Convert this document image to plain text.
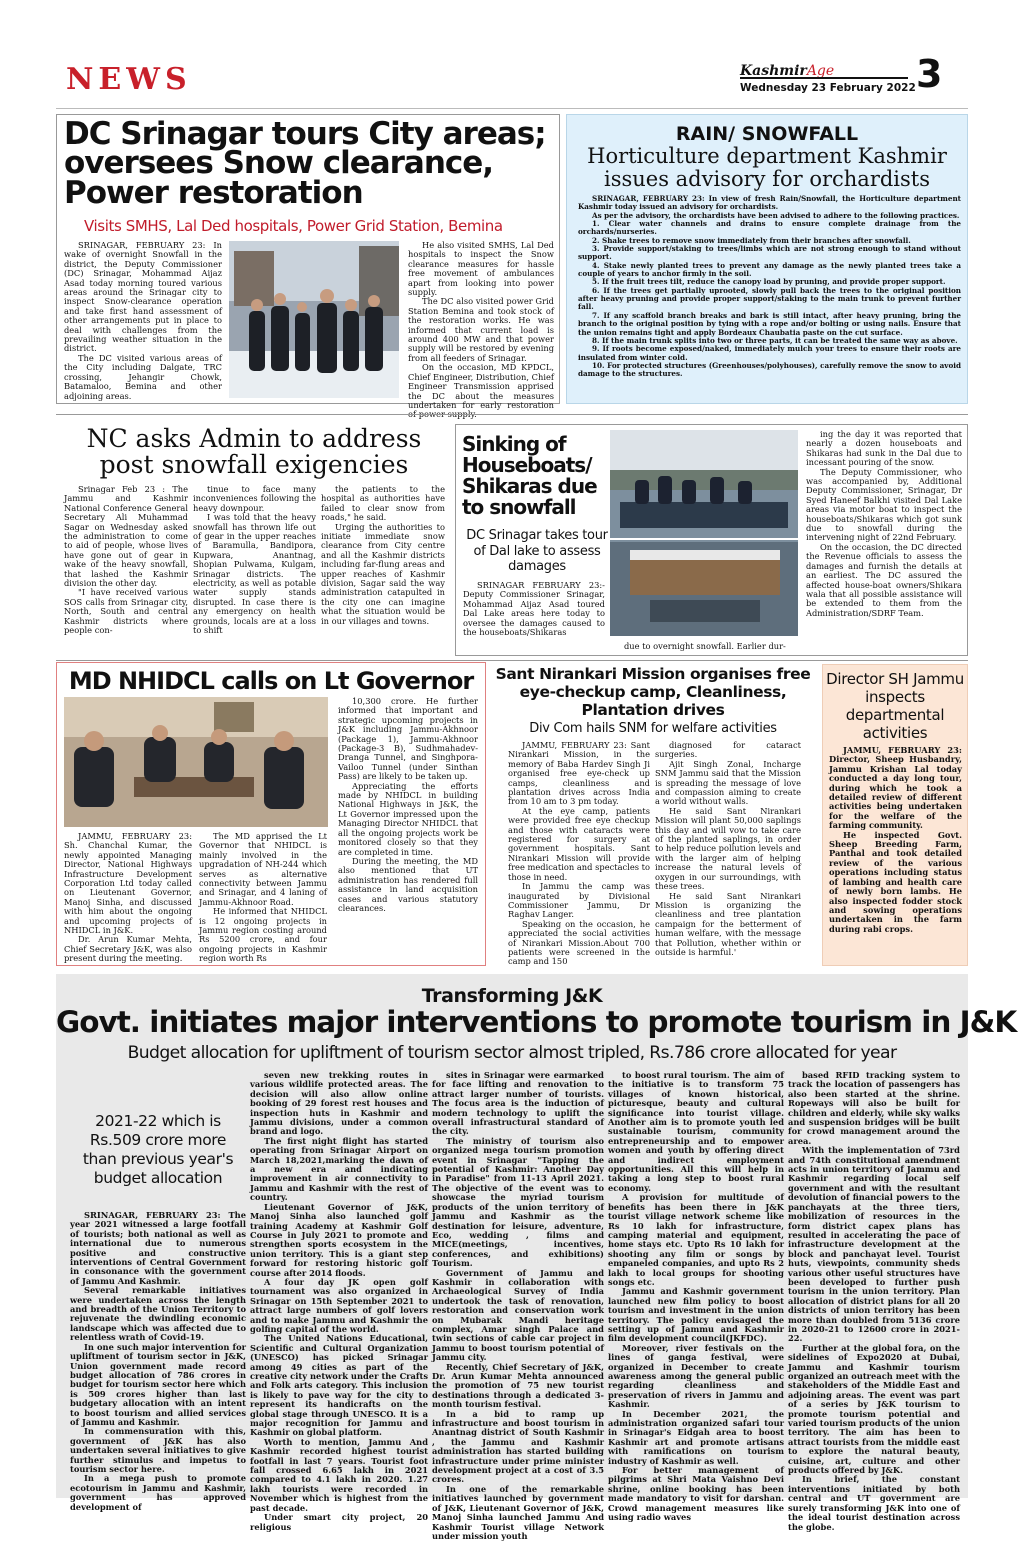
NEWS	KashmirAge
Wednesday 23 February 2022 3
DC Srinagar tours City areas; oversees Snow clearance, Power restoration
Visits SMHS, Lal Ded hospitals, Power Grid Station, Bemina

SRINAGAR, FEBRUARY 23: In wake of overnight Snowfall in the district, the Deputy Commissioner (DC) Srinagar, Mohammad Aijaz Asad today morning toured various areas around the Srinagar city to inspect Snow-clearance operation and take first hand assessment of other arrangements put in place to deal with challenges from the prevailing weather situation in the district.

The DC visited various areas of the City including Dalgate, TRC crossing, Jehangir Chowk, Batamaloo, Bemina and other adjoining areas.

He also visited SMHS, Lal Ded hospitals to inspect the Snow clearance measures for hassle free movement of ambulances apart from looking into power supply.

The DC also visited power Grid Station Bemina and took stock of the restoration works. He was informed that current load is around 400 MW and that power supply will be restored by evening from all feeders of Srinagar.

On the occasion, MD KPDCL, Chief Engineer, Distribution, Chief Engineer Transmission apprised the DC about the measures undertaken for early restoration

RAIN/ SNOWFALL
Horticulture department Kashmir issues advisory for orchardists

SRINAGAR, FEBRUARY 23: In view of fresh Rain/Snowfall, the Horticulture department Kashmir today issued an advisory for orchardists.

As per the advisory, the orchardists have been advised to adhere to the following practices.

1. Clear water channels and drains to ensure complete drainage from the orchards/nurseries.

2. Shake trees to remove snow immediately from their branches after snowfall.

3. Provide support/staking to trees/limbs which are not strong enough to stand without support.

4. Stake newly planted trees to prevent any damage as the newly planted trees take a couple of years to anchor firmly in the soil.

5. If the fruit trees tilt, reduce the canopy load by pruning, and provide proper support.

6. If the trees get partially uprooted, slowly pull back the trees to the original position after heavy pruning and provide proper support/staking to the main trunk to prevent further fall.

7. If any scaffold branch breaks and bark is still intact, after heavy pruning, bring the branch to the original position by tying with a rope and/or bolting or using nails. Ensure that the union remains tight and apply Bordeaux Chaubatia paste on the cut surface.

8. If the main trunk splits into two or three parts, it can be treated the same way as above.

9. If roots become exposed/naked, immediately mulch your trees to ensure their roots are insulated from winter cold.

10. For protected structures (Greenhouses/polyhouses), carefully remove the snow to avoid damage to the structures.

NC asks Admin to address post snowfall exigencies

Srinagar Feb 23 : The Jammu and Kashmir National Conference General Secretary Ali Muhammad Sagar on Wednesday asked the administration to come to aid of people, whose lives have gone out of gear in wake of the heavy snowfall, that lashed the Kashmir division the other day.

"I have received various SOS calls from Srinagar city, North, South and central Kashmir districts where people con-

tinue to face many inconveniences following the heavy downpour.

I was told that the heavy snowfall has thrown life out of gear in the upper reaches of Baramulla, Bandipora, Kupwara, Anantnag, Shopian Pulwama, Kulgam, Srinagar districts. The electricity, as well as potable water supply stands disrupted. In case there is any emergency on health grounds, locals are at a loss to shift

the patients to the hospital as authorities have failed to clear snow from roads," he said.

Urging the authorities to initiate immediate snow clearance from City centre and all the Kashmir districts including far-flung areas and upper reaches of Kashmir division, Sagar said the way administration catapulted in the city one can imagine what the situation would be in our villages and towns.

Sinking of Houseboats/ Shikaras due to snowfall
DC Srinagar takes tour of Dal lake to assess damages

SRINAGAR FEBRUARY 23:- Deputy Commissioner Srinagar, Mohammad Aijaz Asad toured Dal Lake areas here today to oversee the damages caused to the houseboats/Shikaras

due to overnight snowfall. Earlier dur-

ing the day it was reported that nearly a dozen houseboats and Shikaras had sunk in the Dal due to incessant pouring of the snow.

The Deputy Commissioner, who was accompanied by, Additional Deputy Commissioner, Srinagar, Dr Syed Haneef Balkhi visited Dal Lake areas via motor boat to inspect the houseboats/Shikaras which got sunk due to snowfall during the intervening night of 22nd February.

On the occasion, the DC directed the Revenue officials to assess the damages and furnish the details at an earliest. The DC assured the affected house-boat owners/Shikara wala that all possible assistance will be extended to them from the Administration/SDRF Team.

MD NHIDCL calls on Lt Governor

JAMMU, FEBRUARY 23: Sh. Chanchal Kumar, the newly appointed Managing Director, National Highways Infrastructure Development Corporation Ltd today called on Lieutenant Governor, Manoj Sinha, and discussed with him about the ongoing and upcoming projects of NHIDCL in J&K.

Dr. Arun Kumar Mehta, Chief Secretary J&K, was also present during the meeting.

The MD apprised the Lt Governor that NHIDCL is mainly involved in the upgradation of NH-244 which serves as alternative connectivity between Jammu and Srinagar, and 4 laning of Jammu-Akhnoor Road.

He informed that NHIDCL is 12 ongoing projects in Jammu region costing around Rs 5200 crore, and four ongoing projects in Kashmir region worth Rs

10,300 crore. He further informed that important and strategic upcoming projects in J&K including Jammu-Akhnoor (Package 1), Jammu-Akhnoor (Package-3 B), Sudhmahadev-Dranga Tunnel, and Singhpora-Vailoo Tunnel (under Sinthan Pass) are likely to be taken up.

Appreciating the efforts made by NHIDCL in building National Highways in J&K, the Lt Governor impressed upon the Managing Director NHIDCL that all the ongoing projects work be monitored closely so that they are completed in time.

During the meeting, the MD also mentioned that UT administration has rendered full assistance in land acquisition cases and various statutory clearances.

Sant Nirankari Mission organises free eye-checkup camp, Cleanliness, Plantation drives
Div Com hails SNM for welfare activities

JAMMU, FEBRUARY 23: Sant Nirankari Mission, in the memory of Baba Hardev Singh Ji organised free eye-check up camps, cleanliness and plantation drives across India from 10 am to 3 pm today.

At the eye camp, patients were provided free eye checkup and those with cataracts were registered for surgery at government hospitals. Sant Nirankari Mission will provide free medication and spectacles to those in need.

In Jammu the camp was inaugurated by Divisional Commissioner Jammu, Dr Raghav Langer.

Speaking on the occasion, he appreciated the social activities of Nirankari Mission.About 700 patients were screened in the camp and 150

diagnosed for cataract surgeries.

Ajit Singh Zonal, Incharge SNM Jammu said that the Mission is spreading the message of love and compassion aiming to create a world without walls.

He said Sant Nirankari Mission will plant 50,000 saplings this day and will vow to take care of the planted saplings, in order to help reduce pollution levels and with the larger aim of helping increase the natural levels of oxygen in our surroundings, with these trees.

He said Sant Nirankari Mission is organizing the cleanliness and tree plantation campaign for the betterment of human welfare, with the message that Pollution, whether within or outside is harmful.'

Director SH Jammu inspects departmental activities

JAMMU, FEBRUARY 23: Director, Sheep Husbandry, Jammu Krishan Lal today conducted a day long tour, during which he took a detailed review of different activities being undertaken for the welfare of the farming community.

He inspected Govt. Sheep Breeding Farm, Panthal and took detailed review of the various operations including status of lambing and health care of newly born lambs. He also inspected fodder stock and sowing operations undertaken in the farm during rabi crops.

Transforming J&K
Govt. initiates major interventions to promote tourism in J&K
Budget allocation for upliftment of tourism sector almost tripled, Rs.786 crore allocated for year
2021-22 which is Rs.509 crore more than previous year's budget allocation

SRINAGAR, FEBRUARY 23: The year 2021 witnessed a large footfall of tourists; both national as well as international due to numerous positive and constructive interventions of Central Government in consonance with the government of Jammu And Kashmir.

Several remarkable initiatives were undertaken across the length and breadth of the Union Territory to rejuvenate the dwindling economic landscape which was affected due to relentless wrath of Covid-19.

In one such major intervention for upliftment of tourism sector in J&K, Union government made record budget allocation of 786 crores in budget for tourism sector here which is 509 crores higher than last budgetary allocation with an intent to boost tourism and allied services of Jammu and Kashmir.

In commensuration with this, government of J&K has also undertaken several initiatives to give further stimulus and impetus to tourism sector here.

In a mega push to promote ecotourism in Jammu and Kashmir, government has approved development of

seven new trekking routes in various wildlife protected areas. The decision will also allow online booking of 29 forest rest houses and inspection huts in Kashmir and Jammu divisions, under a common brand and logo.

The first night flight has started operating from Srinagar Airport on March 18,2021,marking the dawn of a new era and indicating improvement in air connectivity to Jammu and Kashmir with the rest of country.

Lieutenant Governor of J&K, Manoj Sinha also launched golf training Academy at Kashmir Golf Course in July 2021 to promote and strengthen sports ecosystem in the union territory. This is a giant step forward for restoring historic golf course after 2014 floods.

A four day JK open golf tournament was also organized in Srinagar on 15th September 2021 to attract large numbers of golf lovers and to make Jammu and Kashmir the golfing capital of the world.

The United Nations Educational, Scientific and Cultural Organization (UNESCO) has picked Srinagar among 49 cities as part of the creative city network under the Crafts and Folk arts category. This inclusion is likely to pave way for the city to represent its handicrafts on the global stage through UNESCO. It is a major recognition for Jammu and Kashmir on global platform.

Worth to mention, Jammu And Kashmir recorded highest tourist footfall in last 7 years. Tourist foot fall crossed 6.65 lakh in 2021 compared to 4.1 lakh in 2020. 1.27 lakh tourists were recorded in November which is highest from the past decade.

Under smart city project, 20 religious

sites in Srinagar were earmarked for face lifting and renovation to attract larger number of tourists. The focus area is the induction of modern technology to uplift the overall infrastructural standard of the city.

The ministry of tourism also organized mega tourism promotion event in Srinagar "Tapping the potential of Kashmir: Another Day in Paradise" from 11-13 April 2021. The objective of the event was to showcase the myriad tourism products of the union territory of Jammu and Kashmir as the destination for leisure, adventure, Eco, wedding , films and MICE(meetings, incentives, conferences, and exhibitions) Tourism.

Government of Jammu and Kashmir in collaboration with Archaeological Survey of India undertook the task of renovation, restoration and conservation work on Mubarak Mandi heritage complex, Amar singh Palace and twin sections of cable car project in Jammu to boost tourism potential of Jammu city.

Recently, Chief Secretary of J&K, Dr. Arun Kumar Mehta announced the promotion of 75 new tourist destinations through a dedicated 3-month tourism festival.

In a bid to ramp up infrastructure and boost tourism in Anantnag district of South Kashmir , the Jammu and Kashmir administration has started building infrastructure under prime minister development project at a cost of 3.5 crores.

In one of the remarkable initiatives launched by government of J&K, Lieutenant Governor of J&K, Manoj Sinha launched Jammu And Kashmir Tourist village Network under mission youth

to boost rural tourism. The aim of the initiative is to transform 75 villages of known historical, picturesque, beauty and cultural significance into tourist village. Another aim is to promote youth led sustainable tourism, community entrepreneurship and to empower women and youth by offering direct and indirect employment opportunities. All this will help in taking a long step to boost rural economy.

A provision for multitude of benefits has been there in J&K tourist village network scheme like Rs 10 lakh for infrastructure, camping material and equipment, home stays etc. Upto Rs 10 lakh for shooting any film or songs by empaneled companies, and upto Rs 2 lakh to local groups for shooting songs etc.

Jammu and Kashmir government launched new film policy to boost tourism and investment in the union territory. The policy envisaged the setting up of Jammu and Kashmir film development council(JKFDC).

Moreover, river festivals on the lines of ganga festival, were organized in December to create awareness among the general public regarding cleanliness and preservation of rivers in Jammu and Kashmir.

In December 2021, the administration organized safari tour in Srinagar's Eidgah area to boost Kashmir art and promote artisans with ramifications on tourism industry of Kashmir as well.

For better management of pilgrims at Shri Mata Vaishno Devi shrine, online booking has been made mandatory to visit for darshan. Crowd management measures like using radio waves

based RFID tracking system to track the location of passengers has also been started at the shrine. Ropeways will also be built for children and elderly, while sky walks and suspension bridges will be built for crowd management around the area.

With the implementation of 73rd and 74th constitutional amendment acts in union territory of Jammu and Kashmir regarding local self government and with the resultant devolution of financial powers to the panchayats at the three tiers, mobilization of resources in the form district capex plans has resulted in accelerating the pace of infrastructure development at the block and panchayat level. Tourist huts, viewpoints, community sheds various other useful structures have been developed to further push tourism in the union territory. Plan allocation of district plans for all 20 districts of union territory has been more than doubled from 5136 crore in 2020-21 to 12600 crore in 2021-22.

Further at the global fora, on the sidelines of Expo2020 at Dubai, Jammu and Kashmir tourism organized an outreach meet with the stakeholders of the Middle East and adjoining areas. The event was part of a series by J&K tourism to promote tourism potential and varied tourism products of the union territory. The aim has been to attract tourists from the middle east to explore the natural beauty, cuisine, art, culture and other products offered by J&K.

In brief, the constant interventions initiated by both central and UT government are surely transforming J&K into one of the ideal tourist destination across the globe.
